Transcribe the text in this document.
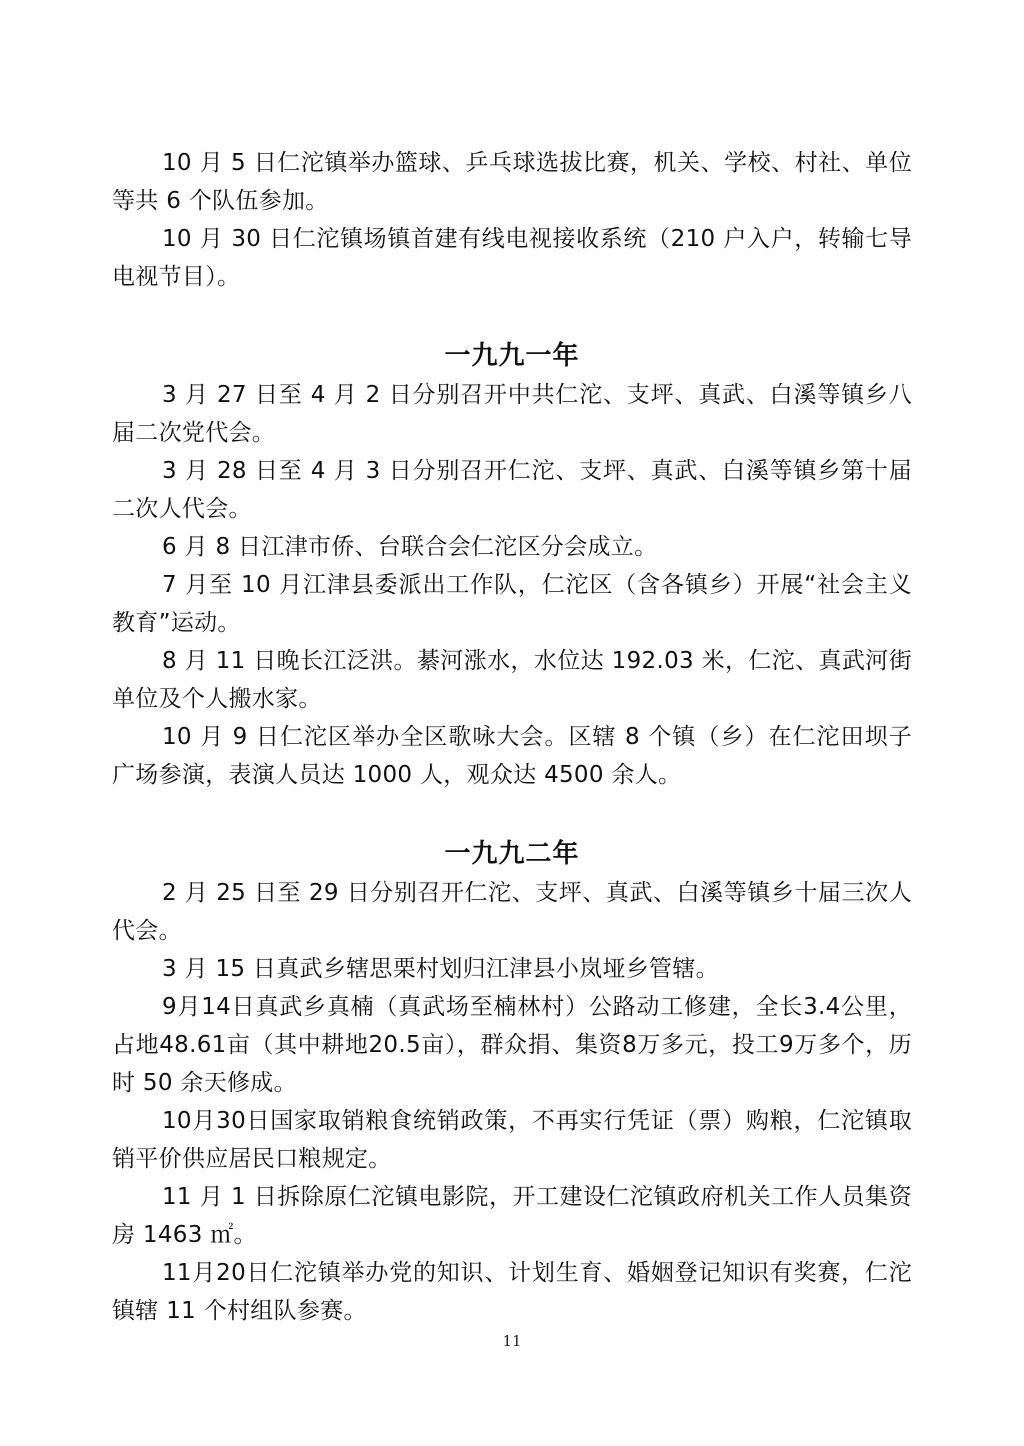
10 月 5 日仁沱镇举办篮球、乒乓球选拔比赛，机关、学校、村社、单位等共 6 个队伍参加。

10 月 30 日仁沱镇场镇首建有线电视接收系统（210 户入户，转输七导电视节目）。

一九九一年

3 月 27 日至 4 月 2 日分别召开中共仁沱、支坪、真武、白溪等镇乡八届二次党代会。

3 月 28 日至 4 月 3 日分别召开仁沱、支坪、真武、白溪等镇乡第十届二次人代会。

6 月 8 日江津市侨、台联合会仁沱区分会成立。

7 月至 10 月江津县委派出工作队，仁沱区（含各镇乡）开展“社会主义教育”运动。

8 月 11 日晚长江泛洪。綦河涨水，水位达 192.03 米，仁沱、真武河街单位及个人搬水家。

10 月 9 日仁沱区举办全区歌咏大会。区辖 8 个镇（乡）在仁沱田坝子广场参演，表演人员达 1000 人，观众达 4500 余人。

一九九二年

2 月 25 日至 29 日分别召开仁沱、支坪、真武、白溪等镇乡十届三次人代会。

3 月 15 日真武乡辖思栗村划归江津县小岚垭乡管辖。

9月14日真武乡真楠（真武场至楠林村）公路动工修建，全长3.4公里，占地48.61亩（其中耕地20.5亩），群众捐、集资8万多元，投工9万多个，历时 50 余天修成。

10月30日国家取销粮食统销政策，不再实行凭证（票）购粮，仁沱镇取销平价供应居民口粮规定。

11 月 1 日拆除原仁沱镇电影院，开工建设仁沱镇政府机关工作人员集资房 1463 ㎡。

11月20日仁沱镇举办党的知识、计划生育、婚姻登记知识有奖赛，仁沱镇辖 11 个村组队参赛。

11
